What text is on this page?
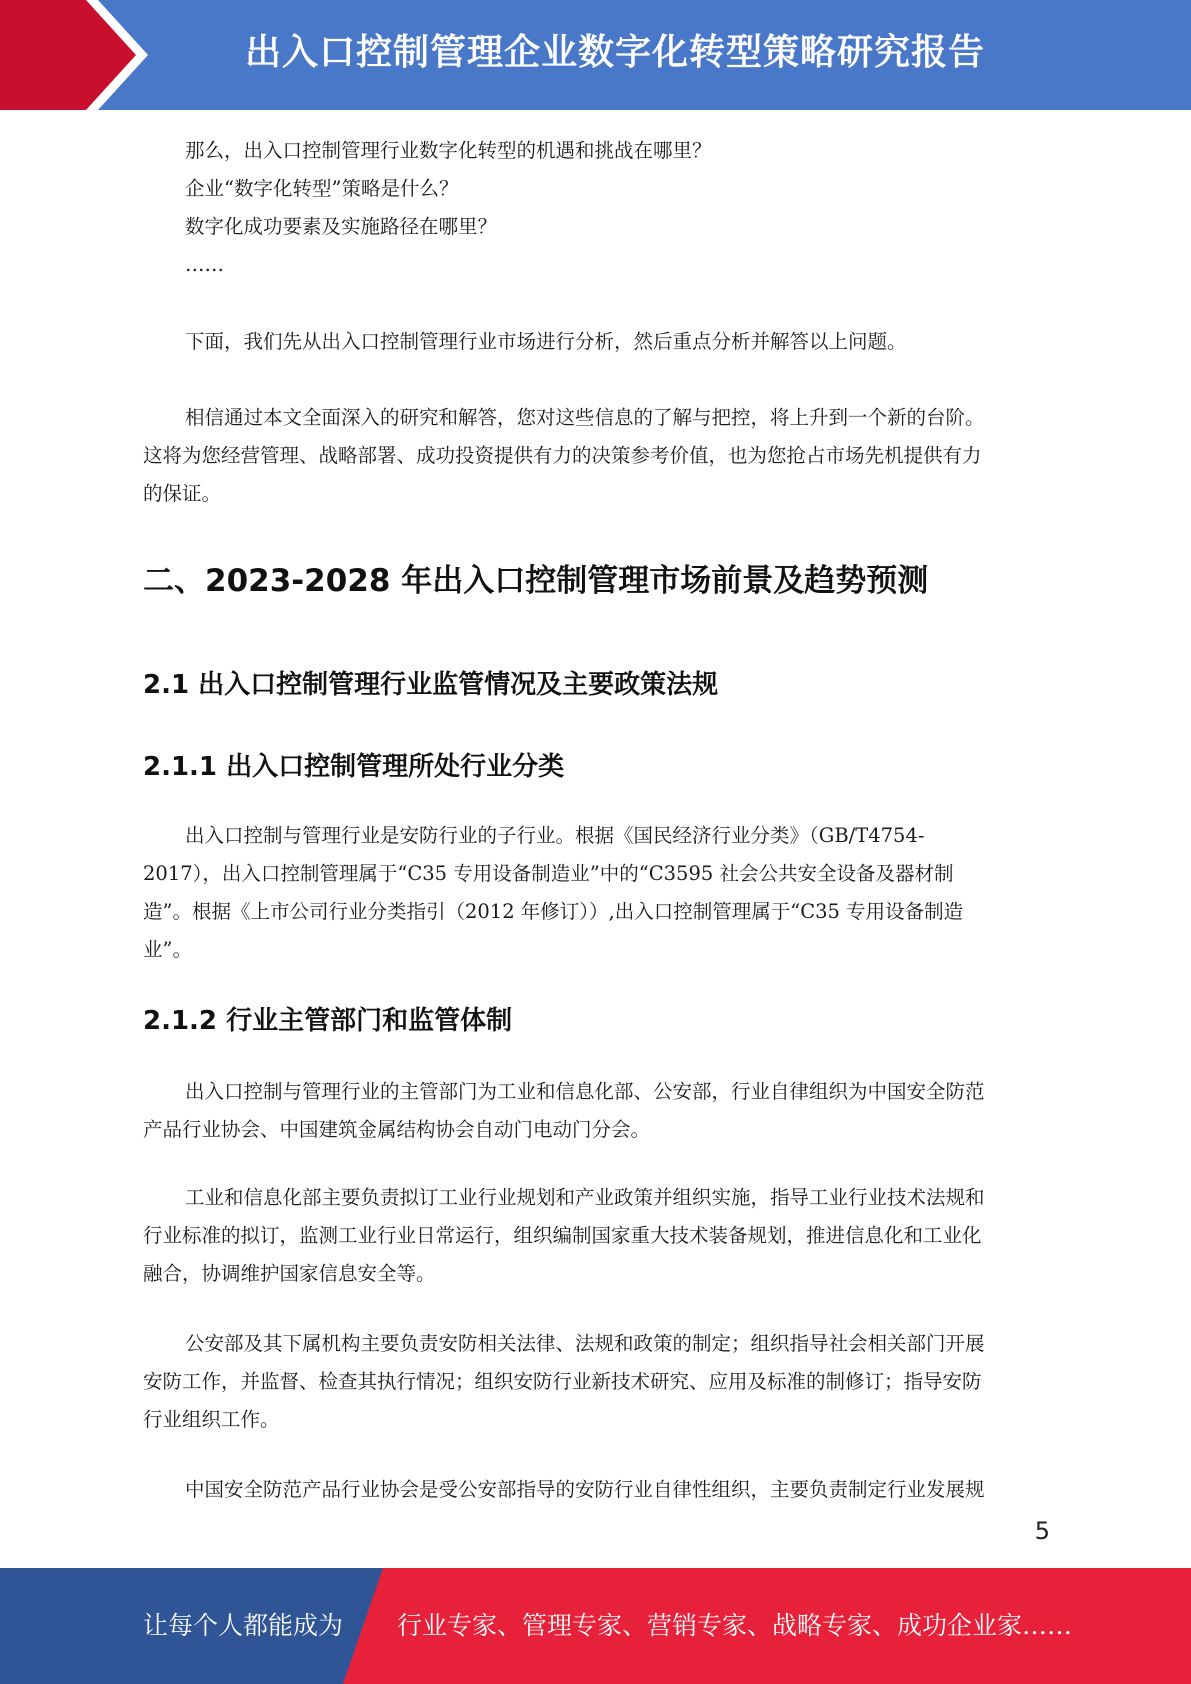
出入口控制管理企业数字化转型策略研究报告

那么，出入口控制管理行业数字化转型的机遇和挑战在哪里？

企业“数字化转型”策略是什么？

数字化成功要素及实施路径在哪里？

……

下面，我们先从出入口控制管理行业市场进行分析，然后重点分析并解答以上问题。

相信通过本文全面深入的研究和解答，您对这些信息的了解与把控，将上升到一个新的台阶。

这将为您经营管理、战略部署、成功投资提供有力的决策参考价值，也为您抢占市场先机提供有力

的保证。

二、2023-2028 年出入口控制管理市场前景及趋势预测
2.1 出入口控制管理行业监管情况及主要政策法规
2.1.1 出入口控制管理所处行业分类

出入口控制与管理行业是安防行业的子行业。根据《国民经济行业分类》（GB/T4754-

2017），出入口控制管理属于“C35 专用设备制造业”中的“C3595 社会公共安全设备及器材制

造”。根据《上市公司行业分类指引（2012 年修订））,出入口控制管理属于“C35 专用设备制造

业”。

2.1.2 行业主管部门和监管体制

出入口控制与管理行业的主管部门为工业和信息化部、公安部，行业自律组织为中国安全防范

产品行业协会、中国建筑金属结构协会自动门电动门分会。

工业和信息化部主要负责拟订工业行业规划和产业政策并组织实施，指导工业行业技术法规和

行业标准的拟订，监测工业行业日常运行，组织编制国家重大技术装备规划，推进信息化和工业化

融合，协调维护国家信息安全等。

公安部及其下属机构主要负责安防相关法律、法规和政策的制定；组织指导社会相关部门开展

安防工作，并监督、检查其执行情况；组织安防行业新技术研究、应用及标准的制修订；指导安防

行业组织工作。

中国安全防范产品行业协会是受公安部指导的安防行业自律性组织，主要负责制定行业发展规

5
让每个人都能成为 行业专家、管理专家、营销专家、战略专家、成功企业家……
